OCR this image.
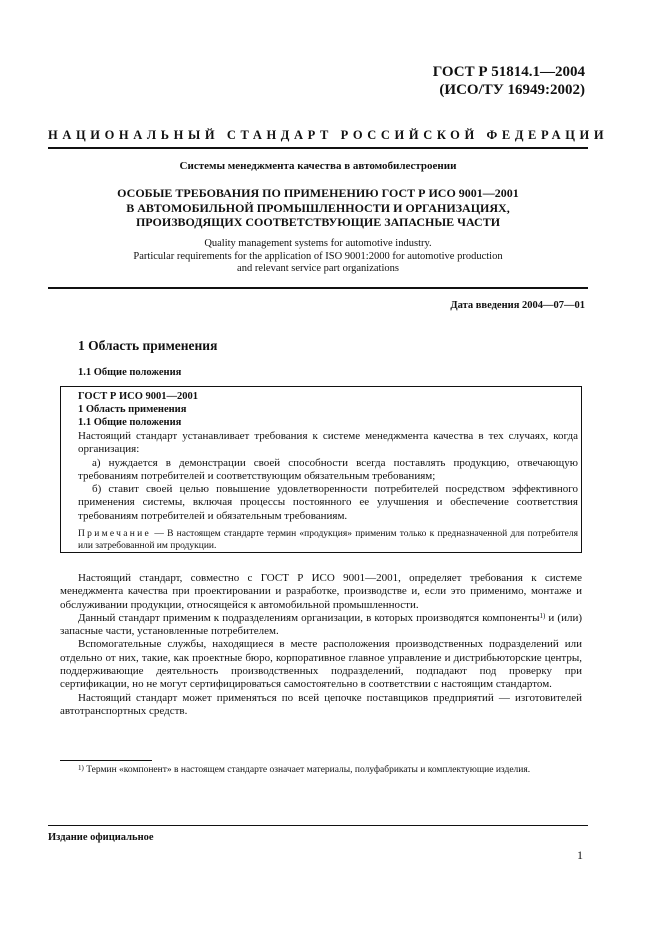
ГОСТ Р 51814.1—2004
(ИСО/ТУ 16949:2002)
НАЦИОНАЛЬНЫЙ СТАНДАРТ РОССИЙСКОЙ ФЕДЕРАЦИИ
Системы менеджмента качества в автомобилестроении
ОСОБЫЕ ТРЕБОВАНИЯ ПО ПРИМЕНЕНИЮ ГОСТ Р ИСО 9001—2001
В АВТОМОБИЛЬНОЙ ПРОМЫШЛЕННОСТИ И ОРГАНИЗАЦИЯХ,
ПРОИЗВОДЯЩИХ СООТВЕТСТВУЮЩИЕ ЗАПАСНЫЕ ЧАСТИ
Quality management systems for automotive industry.
Particular requirements for the application of ISO 9001:2000 for automotive production
and relevant service part organizations
Дата введения 2004—07—01
1 Область применения
1.1 Общие положения
ГОСТ Р ИСО 9001—2001
1 Область применения
1.1 Общие положения
Настоящий стандарт устанавливает требования к системе менеджмента качества в тех случаях, когда организация:
а) нуждается в демонстрации своей способности всегда поставлять продукцию, отвечающую требованиям потребителей и соответствующим обязательным требованиям;
б) ставит своей целью повышение удовлетворенности потребителей посредством эффективного применения системы, включая процессы постоянного ее улучшения и обеспечение соответствия требованиям потребителей и обязательным требованиям.
Примечание — В настоящем стандарте термин «продукция» применим только к предназначенной для потребителя или затребованной им продукции.

Настоящий стандарт, совместно с ГОСТ Р ИСО 9001—2001, определяет требования к системе менеджмента качества при проектировании и разработке, производстве и, если это применимо, монтаже и обслуживании продукции, относящейся к автомобильной промышленности.

Данный стандарт применим к подразделениям организации, в которых производятся компоненты$^{1)}$ и (или) запасные части, установленные потребителем.

Вспомогательные службы, находящиеся в месте расположения производственных подразделений или отдельно от них, такие, как проектные бюро, корпоративное главное управление и дистрибьюторские центры, поддерживающие деятельность производственных подразделений, подпадают под проверку при сертификации, но не могут сертифицироваться самостоятельно в соответствии с настоящим стандартом.

Настоящий стандарт может применяться по всей цепочке поставщиков предприятий — изготовителей автотранспортных средств.

$^{1)}$ Термин «компонент» в настоящем стандарте означает материалы, полуфабрикаты и комплектующие изделия.
Издание официальное
1
